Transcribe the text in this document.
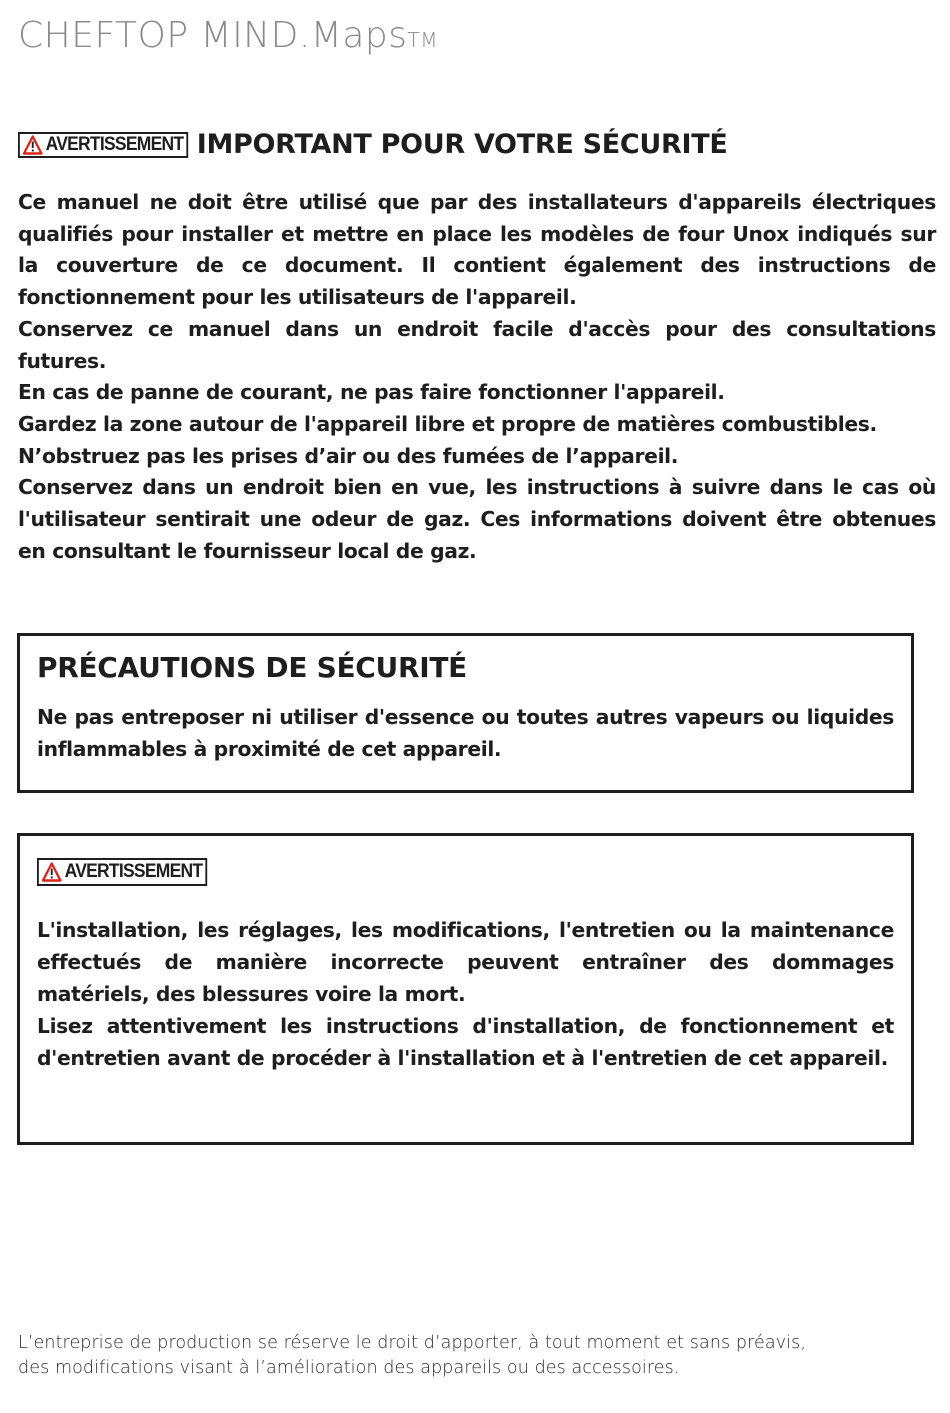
CHEFTOP MIND.Maps™
AVERTISSEMENT IMPORTANT POUR VOTRE SÉCURITÉ

Ce manuel ne doit être utilisé que par des installateurs d'appareils électriques qualifiés pour installer et mettre en place les modèles de four Unox indiqués sur la couverture de ce document. Il contient également des instructions de fonctionnement pour les utilisateurs de l'appareil.

Conservez ce manuel dans un endroit facile d'accès pour des consultations futures.

En cas de panne de courant, ne pas faire fonctionner l'appareil.

Gardez la zone autour de l'appareil libre et propre de matières combustibles.

N’obstruez pas les prises d’air ou des fumées de l’appareil.

Conservez dans un endroit bien en vue, les instructions à suivre dans le cas où l'utilisateur sentirait une odeur de gaz. Ces informations doivent être obtenues en consultant le fournisseur local de gaz.

PRÉCAUTIONS DE SÉCURITÉ

Ne pas entreposer ni utiliser d'essence ou toutes autres vapeurs ou liquides inflammables à proximité de cet appareil.

AVERTISSEMENT

L'installation, les réglages, les modifications, l'entretien ou la maintenance effectués de manière incorrecte peuvent entraîner des dommages matériels, des blessures voire la mort.

Lisez attentivement les instructions d'installation, de fonctionnement et d'entretien avant de procéder à l'installation et à l'entretien de cet appareil.

L’entreprise de production se réserve le droit d’apporter, à tout moment et sans préavis,

des modifications visant à l’amélioration des appareils ou des accessoires.
